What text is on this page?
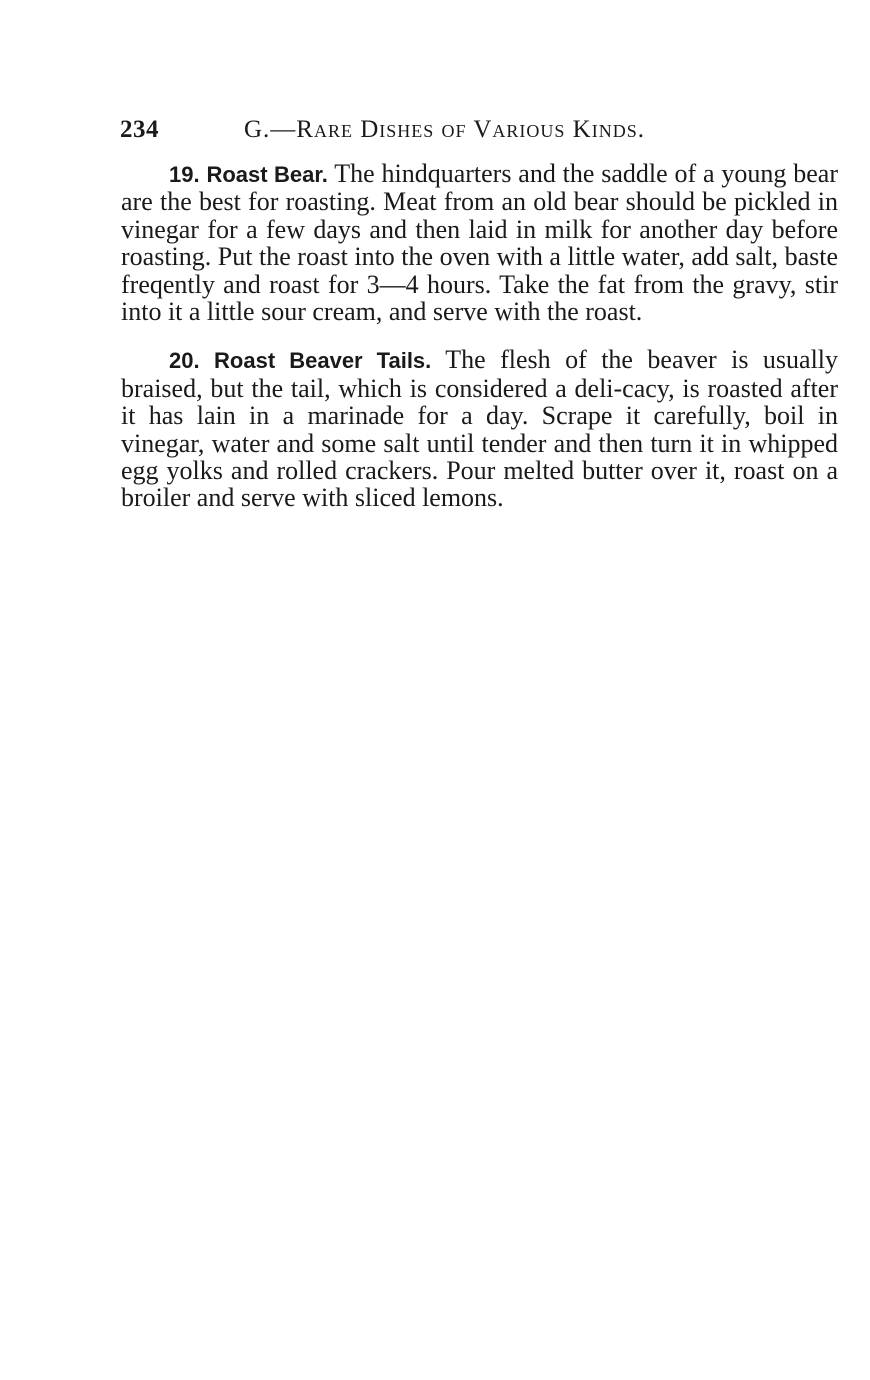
234	G.—Rare Dishes of Various Kinds.

19. Roast Bear. The hindquarters and the saddle of a young bear are the best for roasting. Meat from an old bear should be pickled in vinegar for a few days and then laid in milk for another day before roasting. Put the roast into the oven with a little water, add salt, baste freqently and roast for 3—4 hours. Take the fat from the gravy, stir into it a little sour cream, and serve with the roast.

20. Roast Beaver Tails. The flesh of the beaver is usually braised, but the tail, which is considered a deli-cacy, is roasted after it has lain in a marinade for a day. Scrape it carefully, boil in vinegar, water and some salt until tender and then turn it in whipped egg yolks and rolled crackers. Pour melted butter over it, roast on a broiler and serve with sliced lemons.
